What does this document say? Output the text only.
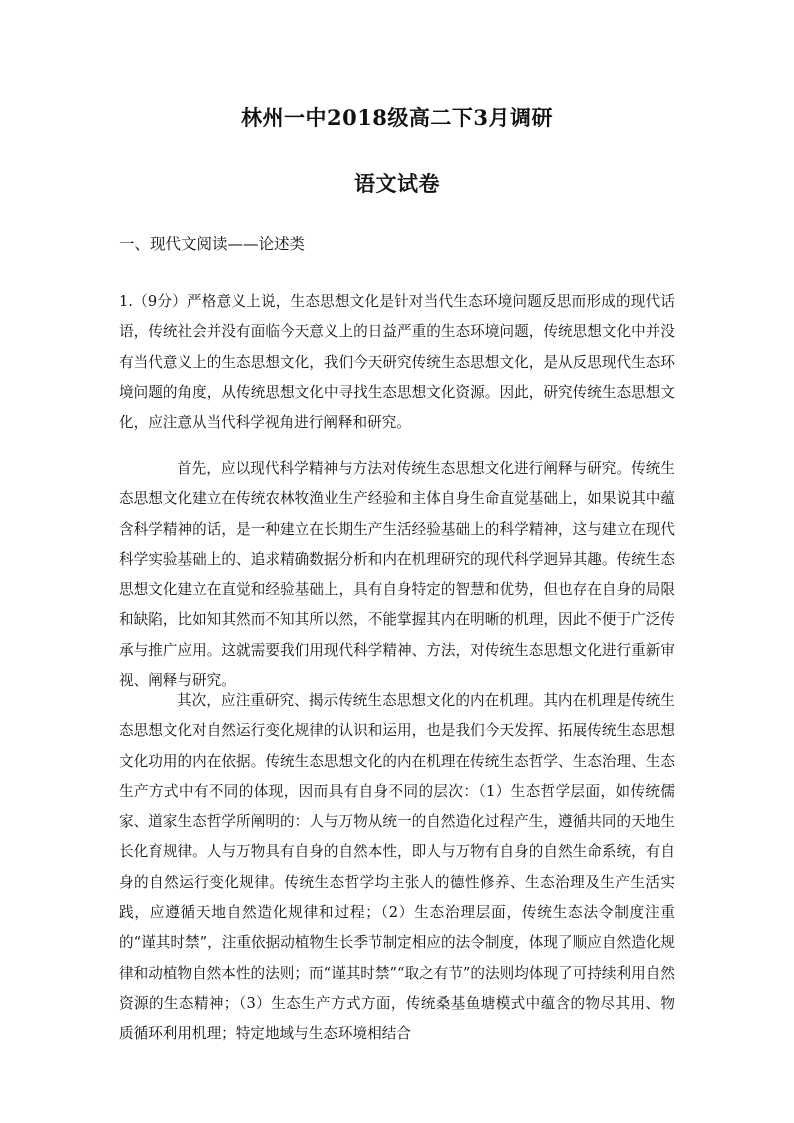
林州一中2018级高二下3月调研
语文试卷
一、现代文阅读——论述类
1.（9分）严格意义上说，生态思想文化是针对当代生态环境问题反思而形成的现代话语，传统社会并没有面临今天意义上的日益严重的生态环境问题，传统思想文化中并没有当代意义上的生态思想文化，我们今天研究传统生态思想文化，是从反思现代生态环境问题的角度，从传统思想文化中寻找生态思想文化资源。因此，研究传统生态思想文化，应注意从当代科学视角进行阐释和研究。
首先，应以现代科学精神与方法对传统生态思想文化进行阐释与研究。传统生态思想文化建立在传统农林牧渔业生产经验和主体自身生命直觉基础上，如果说其中蕴含科学精神的话，是一种建立在长期生产生活经验基础上的科学精神，这与建立在现代科学实验基础上的、追求精确数据分析和内在机理研究的现代科学迥异其趣。传统生态思想文化建立在直觉和经验基础上，具有自身特定的智慧和优势，但也存在自身的局限和缺陷，比如知其然而不知其所以然，不能掌握其内在明晰的机理，因此不便于广泛传承与推广应用。这就需要我们用现代科学精神、方法，对传统生态思想文化进行重新审视、阐释与研究。
其次，应注重研究、揭示传统生态思想文化的内在机理。其内在机理是传统生态思想文化对自然运行变化规律的认识和运用，也是我们今天发挥、拓展传统生态思想文化功用的内在依据。传统生态思想文化的内在机理在传统生态哲学、生态治理、生态生产方式中有不同的体现，因而具有自身不同的层次：（1）生态哲学层面，如传统儒家、道家生态哲学所阐明的：人与万物从统一的自然造化过程产生，遵循共同的天地生长化育规律。人与万物具有自身的自然本性，即人与万物有自身的自然生命系统，有自身的自然运行变化规律。传统生态哲学均主张人的德性修养、生态治理及生产生活实践，应遵循天地自然造化规律和过程；（2）生态治理层面，传统生态法令制度注重的“谨其时禁”，注重依据动植物生长季节制定相应的法令制度，体现了顺应自然造化规律和动植物自然本性的法则；而“谨其时禁”“取之有节”的法则均体现了可持续利用自然资源的生态精神；（3）生态生产方式方面，传统桑基鱼塘模式中蕴含的物尽其用、物质循环利用机理；特定地域与生态环境相结合
